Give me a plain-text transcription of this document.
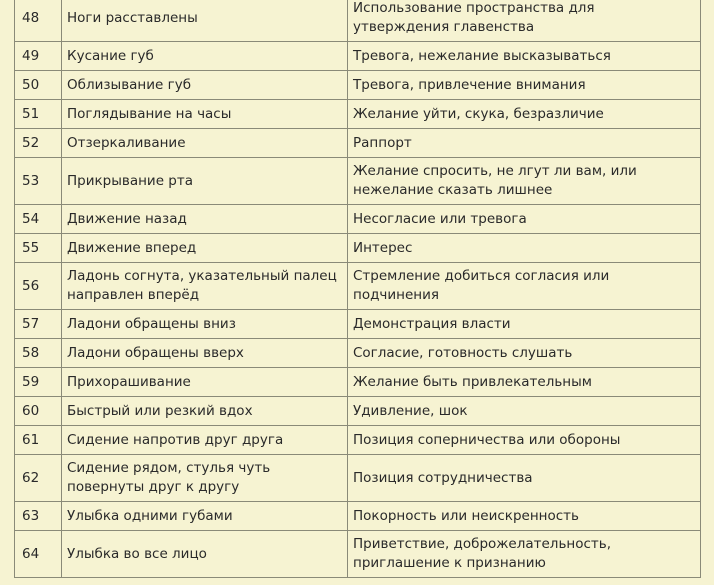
48	Ноги расставлены	Использование пространства для утверждения главенства
49	Кусание губ	Тревога, нежелание высказываться
50	Облизывание губ	Тревога, привлечение внимания
51	Поглядывание на часы	Желание уйти, скука, безразличие
52	Отзеркаливание	Раппорт
53	Прикрывание рта	Желание спросить, не лгут ли вам, или нежелание сказать лишнее
54	Движение назад	Несогласие или тревога
55	Движение вперед	Интерес
56	Ладонь согнута, указательный палец направлен вперёд	Стремление добиться согласия или подчинения
57	Ладони обращены вниз	Демонстрация власти
58	Ладони обращены вверх	Согласие, готовность слушать
59	Прихорашивание	Желание быть привлекательным
60	Быстрый или резкий вдох	Удивление, шок
61	Сидение напротив друг друга	Позиция соперничества или обороны
62	Сидение рядом, стулья чуть повернуты друг к другу	Позиция сотрудничества
63	Улыбка одними губами	Покорность или неискренность
64	Улыбка во все лицо	Приветствие, доброжелательность, приглашение к признанию
